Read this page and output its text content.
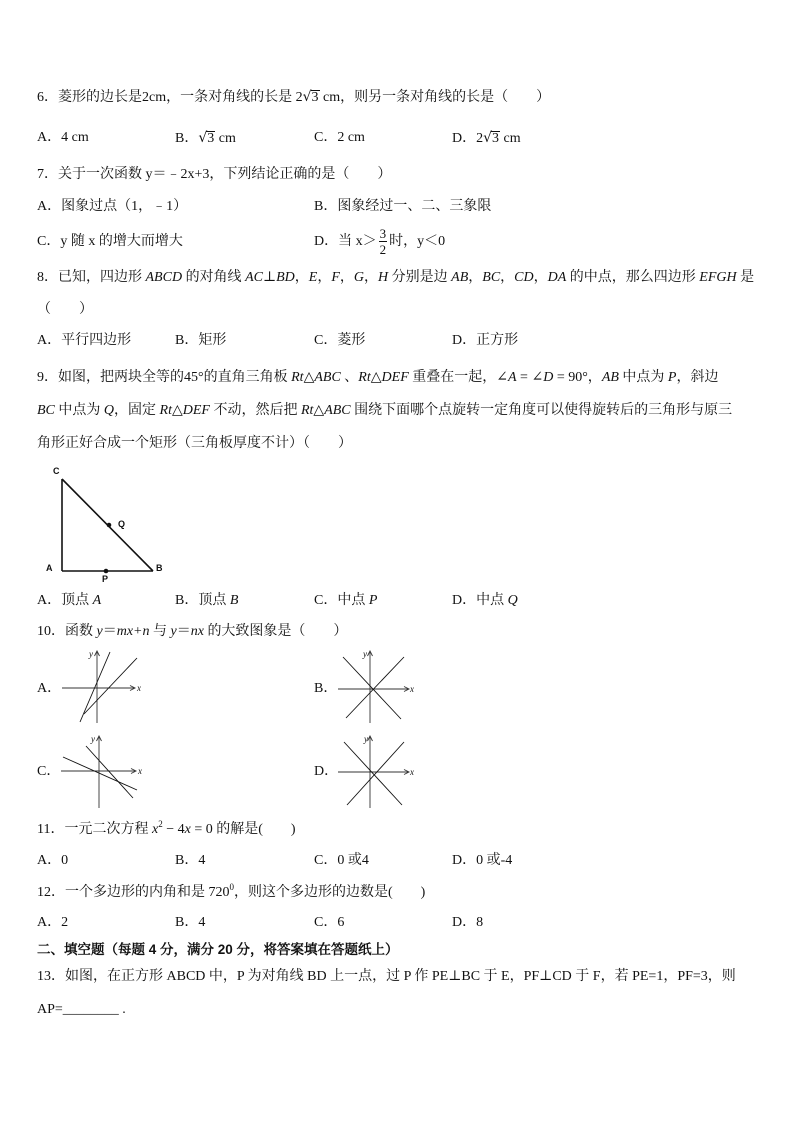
6．菱形的边长是2cm，一条对角线的长是 2√3 cm，则另一条对角线的长是（　　）
A．4 cm	B．√3 cm	C．2 cm	D．2√3 cm
7．关于一次函数 y＝﹣2x+3，下列结论正确的是（　　）
A．图象过点（1，﹣1）	B．图象经过一、二、三象限
C．y 随 x 的增大而增大	D．当 $x> \frac{3}{2}$ 时，y＜0
8．已知，四边形 ABCD 的对角线 AC⊥BD，E，F，G，H 分别是边 AB，BC，CD，DA 的中点，那么四边形 EFGH 是
（　　）
A．平行四边形	B．矩形	C．菱形	D．正方形
9．如图，把两块全等的45°的直角三角板 Rt△ABC 、Rt△DEF 重叠在一起，∠A = ∠D = 90°，AB 中点为 P，斜边
BC 中点为 Q，固定 Rt△DEF 不动，然后把 Rt△ABC 围绕下面哪个点旋转一定角度可以使得旋转后的三角形与原三
角形正好合成一个矩形（三角板厚度不计）（　　）
C
Q
A
P
B
A．顶点 A	B．顶点 B	C．中点 P	D．中点 Q
10．函数 y＝mx+n 与 y＝nx 的大致图象是（　　）
A．
y
x	B．
y
x
C．
y
x	D．
y
x
11．一元二次方程 $x^2 - 4x = 0$ 的解是(　　)
A．0	B．4	C．0 或4	D．0 或-4
12．一个多边形的内角和是 $720^0$，则这个多边形的边数是(　　)
A．2	B．4	C．6	D．8
二、填空题（每题 4 分，满分 20 分，将答案填在答题纸上）
13．如图，在正方形 ABCD 中，P 为对角线 BD 上一点，过 P 作 PE⊥BC 于 E，PF⊥CD 于 F，若 PE=1，PF=3，则
AP=________ .
